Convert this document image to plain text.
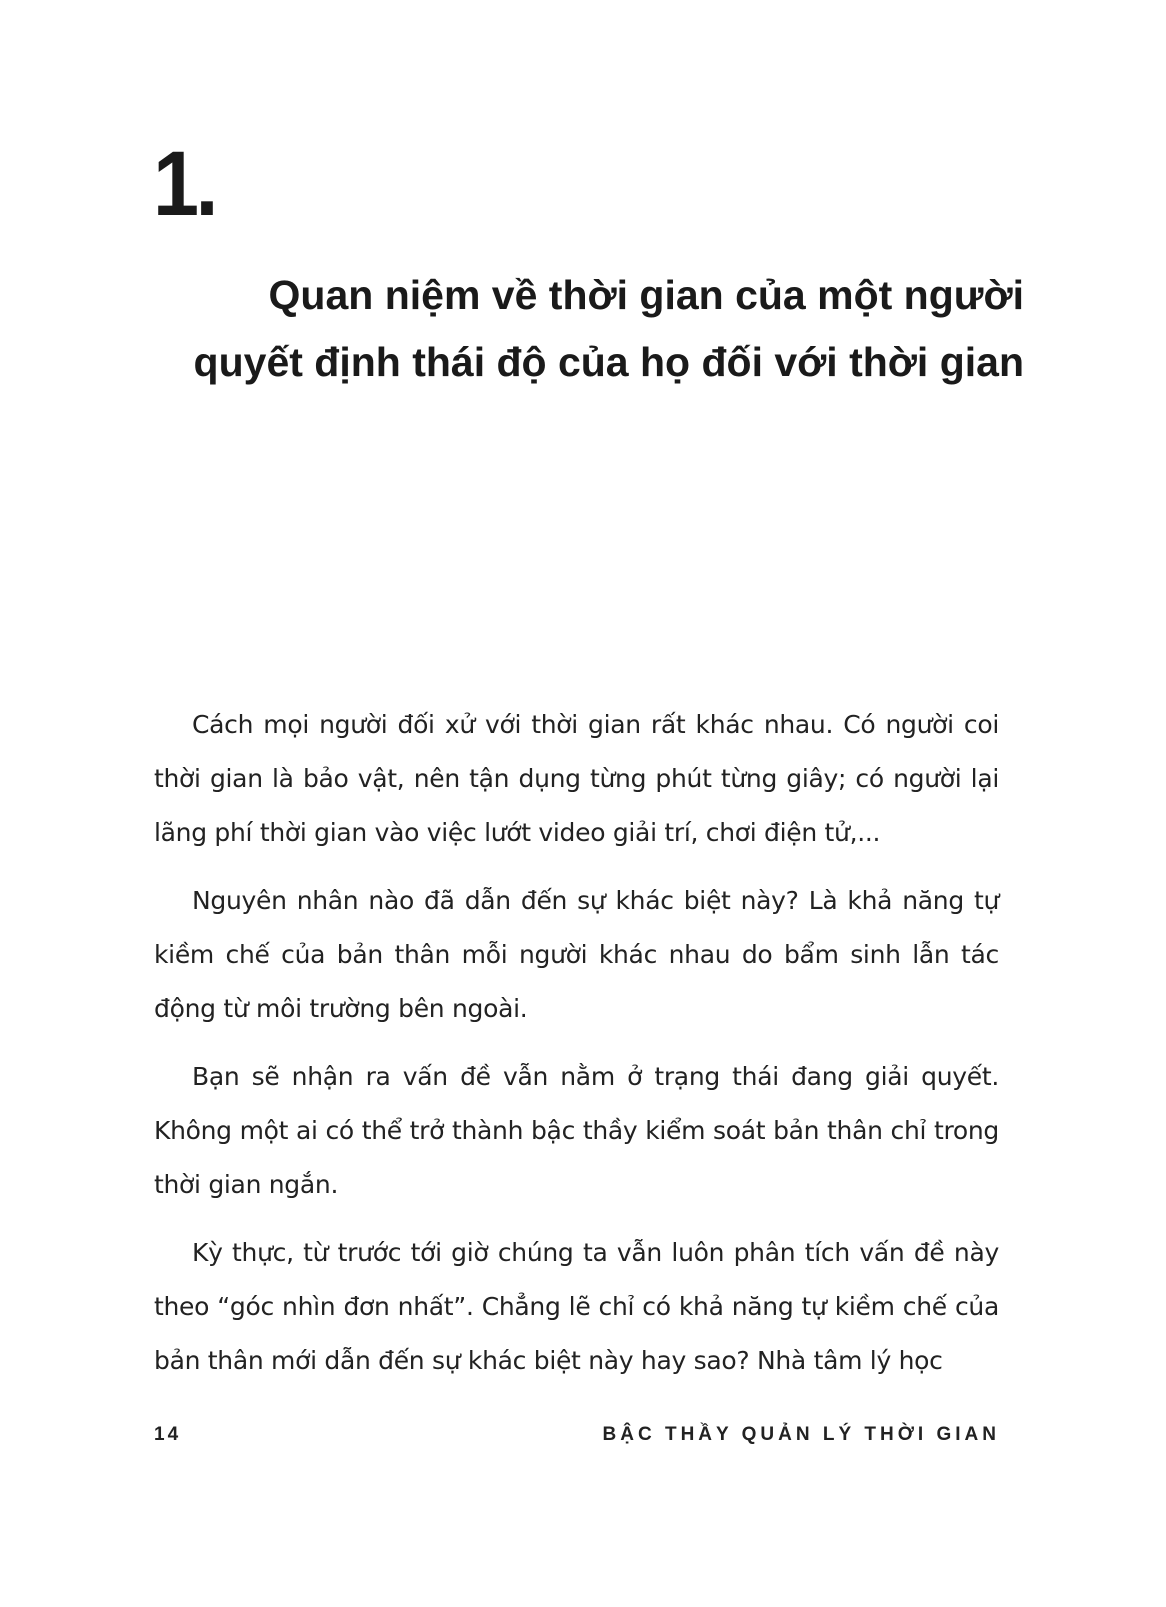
1.
Quan niệm về thời gian của một người
quyết định thái độ của họ đối với thời gian

Cách mọi người đối xử với thời gian rất khác nhau. Có người coi thời gian là bảo vật, nên tận dụng từng phút từng giây; có người lại lãng phí thời gian vào việc lướt video giải trí, chơi điện tử,...

Nguyên nhân nào đã dẫn đến sự khác biệt này? Là khả năng tự kiềm chế của bản thân mỗi người khác nhau do bẩm sinh lẫn tác động từ môi trường bên ngoài.

Bạn sẽ nhận ra vấn đề vẫn nằm ở trạng thái đang giải quyết. Không một ai có thể trở thành bậc thầy kiểm soát bản thân chỉ trong thời gian ngắn.

Kỳ thực, từ trước tới giờ chúng ta vẫn luôn phân tích vấn đề này theo “góc nhìn đơn nhất”. Chẳng lẽ chỉ có khả năng tự kiềm chế của bản thân mới dẫn đến sự khác biệt này hay sao? Nhà tâm lý học

14	BẬC THẦY QUẢN LÝ THỜI GIAN
